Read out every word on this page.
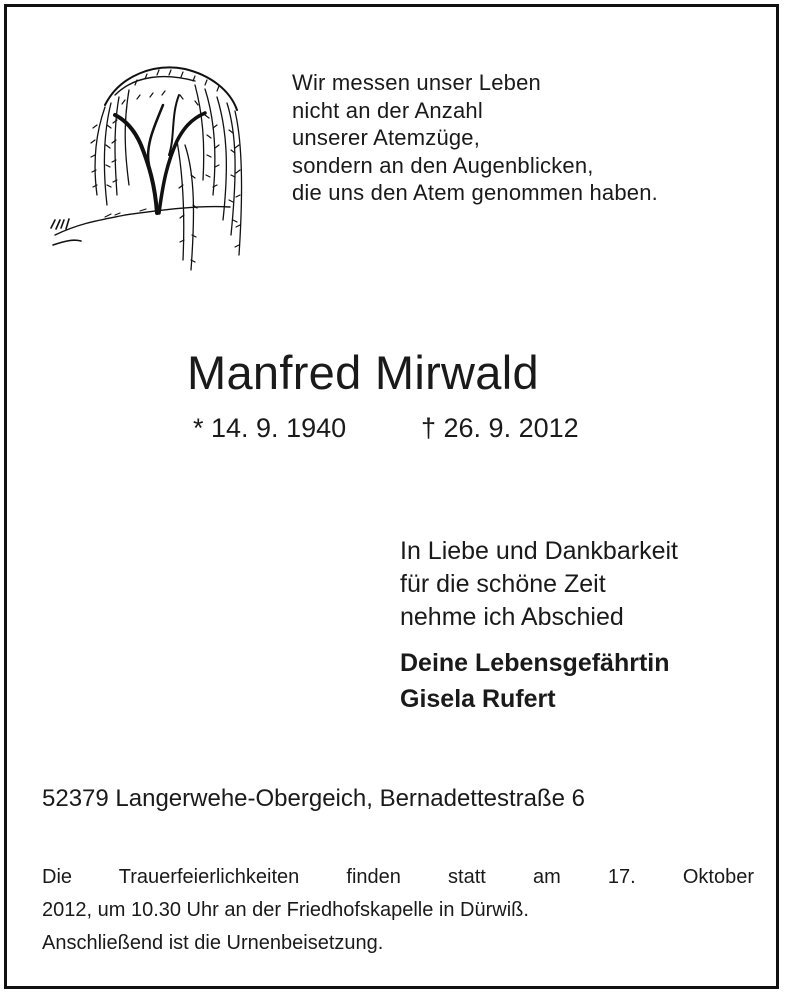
Wir messen unser Leben
nicht an der Anzahl
unserer Atemzüge,
sondern an den Augenblicken,
die uns den Atem genommen haben.
Manfred Mirwald
* 14. 9. 1940	† 26. 9. 2012
In Liebe und Dankbarkeit
für die schöne Zeit
nehme ich Abschied
Deine Lebensgefährtin
Gisela Rufert
52379 Langerwehe-Obergeich, Bernadettestraße 6
Die Trauerfeierlichkeiten finden statt am 17. Oktober
2012, um 10.30 Uhr an der Friedhofskapelle in Dürwiß.
Anschließend ist die Urnenbeisetzung.
